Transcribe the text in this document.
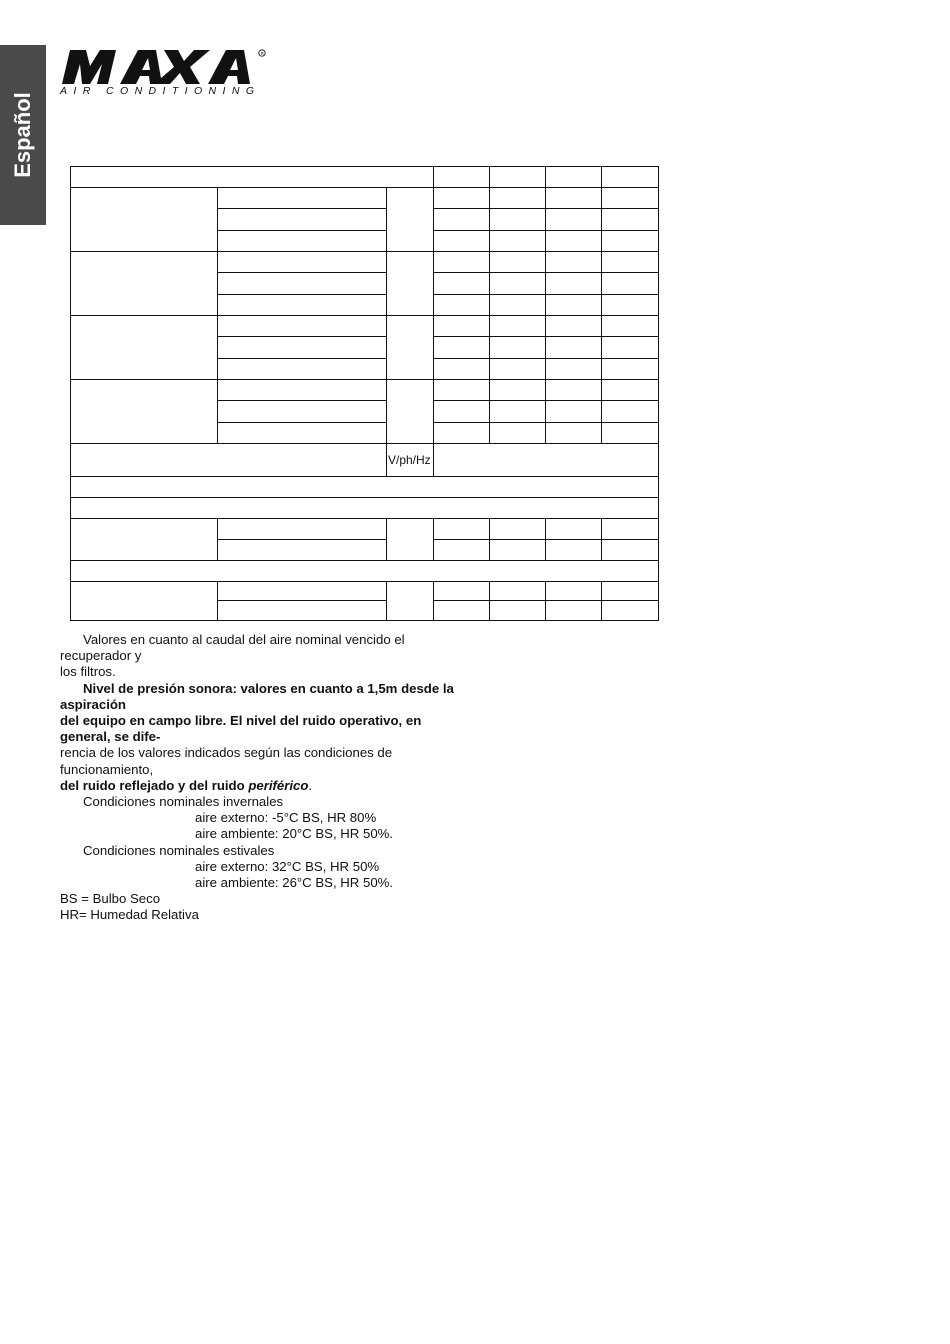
Español
R
AIR CONDITIONING
V/ph/Hz

Valores en cuanto al caudal del aire nominal vencido el recuperador y

los filtros.

Nivel de presión sonora: valores en cuanto a 1,5m desde la aspiración

del equipo en campo libre. El nivel del ruido operativo, en general, se dife-

rencia de los valores indicados según las condiciones de funcionamiento,

del ruido reflejado y del ruido periférico.

Condiciones nominales invernales

aire externo: -5°C BS, HR 80%

aire ambiente: 20°C BS, HR 50%.

Condiciones nominales estivales

aire externo: 32°C BS, HR 50%

aire ambiente: 26°C BS, HR 50%.

BS = Bulbo Seco

HR= Humedad Relativa
